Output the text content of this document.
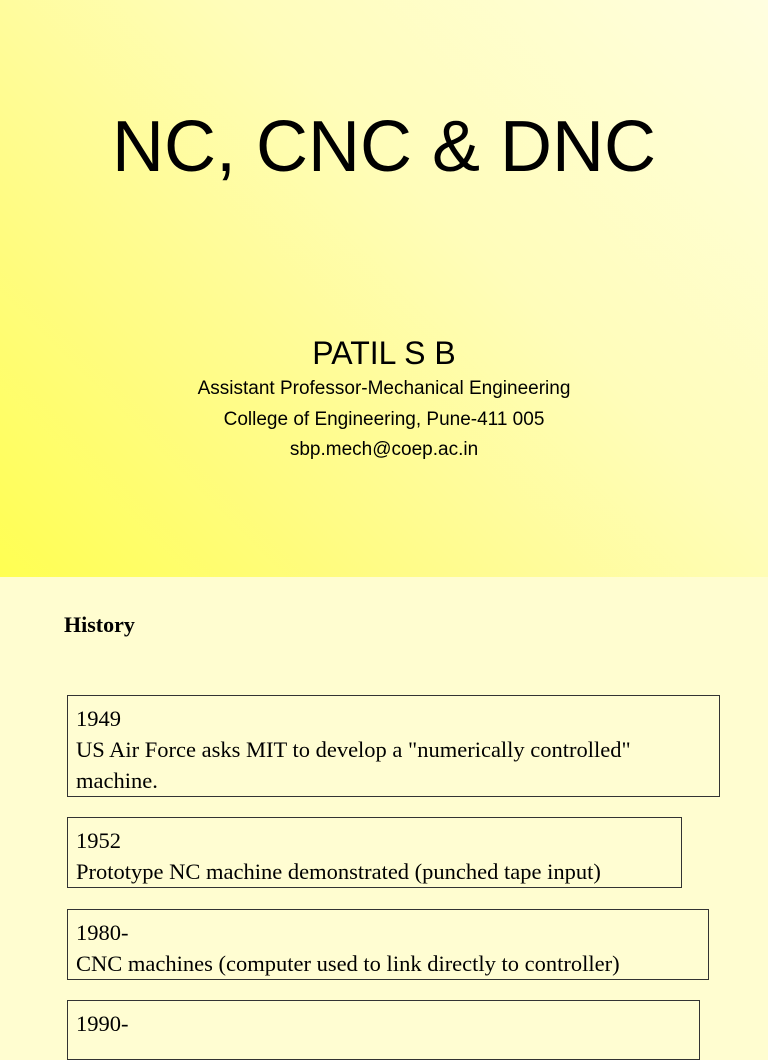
NC, CNC & DNC
PATIL S B
Assistant Professor-Mechanical Engineering
College of Engineering, Pune-411 005
sbp.mech@coep.ac.in
History
1949
US Air Force asks MIT to develop a "numerically controlled" machine.
1952
Prototype NC machine demonstrated (punched tape input)
1980-
CNC machines (computer used to link directly to controller)
1990-
